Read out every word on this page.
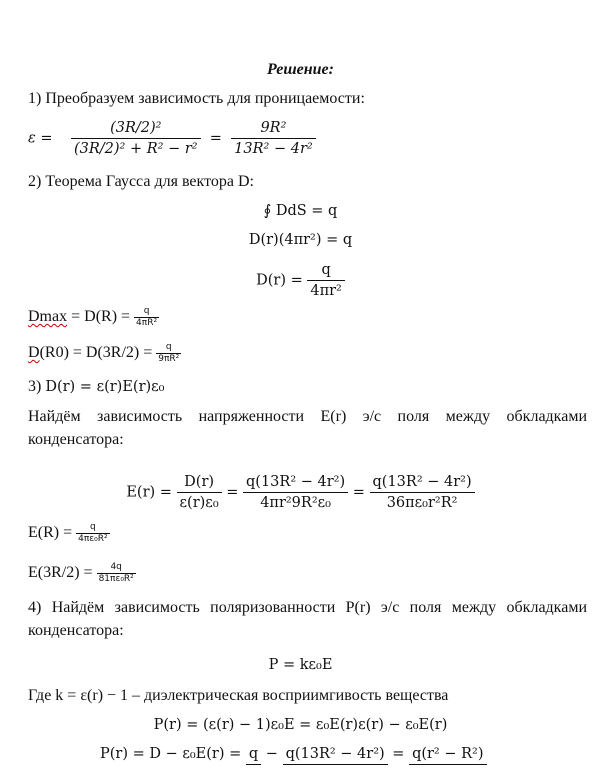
Решение:
1) Преобразуем зависимость для проницаемости:
$\varepsilon = \frac{\text{(3R/2)²}}{\text{(3R/2)² + R² − r²}} = \frac{\text{9R²}}{\text{13R² − 4r²}}$
2) Теорема Гаусса для вектора D:
∮ DdS = q
D(r)(4πr²) = q
$D(r) = \frac{q}{\text{4πr²}}$
$Dmax = D(R) = \frac{q}{\text{4πR²}}$
$D(R0) = D(3R/2) = \frac{q}{\text{9πR²}}$
3) D(r) = ε(r)E(r)ε₀
Найдём зависимость напряженности E(r) э/с поля между обкладками конденсатора:
$E(r) = \frac{D(r)}{\text{ε(r)ε₀}} = \frac{\text{q(13R² − 4r²)}}{\text{4πr²9R²ε₀}} = \frac{\text{q(13R² − 4r²)}}{\text{36πε₀r²R²}}$
$E(R) = \frac{q}{\text{4πε₀R²}}$
$E(3R/2) = \frac{4q}{\text{81πε₀R²}}$
4) Найдём зависимость поляризованности P(r) э/с поля между обкладками конденсатора:
P = kε₀E
Где k = ε(r) − 1 – диэлектрическая восприимгивость вещества
P(r) = (ε(r) − 1)ε₀E = ε₀E(r)ε(r) − ε₀E(r)
P(r) = D − ε₀E(r) = q − q(13R² − 4r²) = q(r² − R²)
